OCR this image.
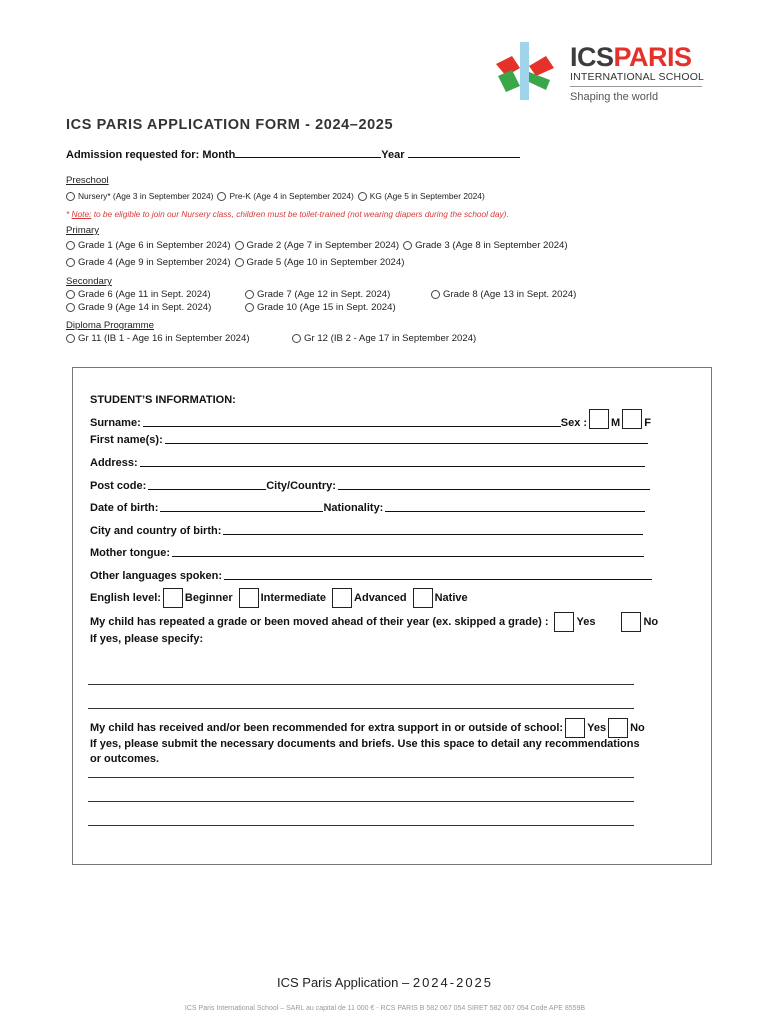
ICSPARIS
INTERNATIONAL SCHOOL
Shaping the world
ICS PARIS APPLICATION FORM - 2024–2025
Admission requested for: Month	Year
Preschool
Nursery* (Age 3 in September 2024) Pre-K (Age 4 in September 2024) KG (Age 5 in September 2024)
* Note: to be eligible to join our Nursery class, children must be toilet-trained (not wearing diapers during the school day).
Primary
Grade 1 (Age 6 in September 2024) Grade 2 (Age 7 in September 2024) Grade 3 (Age 8 in September 2024)
Grade 4 (Age 9 in September 2024) Grade 5 (Age 10 in September 2024)
Secondary
Grade 6 (Age 11 in Sept. 2024)
Grade 9 (Age 14 in Sept. 2024)
Grade 7 (Age 12 in Sept. 2024)
Grade 10 (Age 15 in Sept. 2024)
Grade 8 (Age 13 in Sept. 2024)
Diploma Programme
Gr 11 (IB 1 - Age 16 in September 2024)	Gr 12 (IB 2 - Age 17 in September 2024)
STUDENT’S INFORMATION:
Surname:	Sex : M F
First name(s):
Address:
Post code:	City/Country:
Date of birth:	Nationality:
City and country of birth:
Mother tongue:
Other languages spoken:
English level: Beginner	Intermediate	Advanced	Native
My child has repeated a grade or been moved ahead of their year (ex. skipped a grade) :	Yes	No
If yes, please specify:
My child has received and/or been recommended for extra support in or outside of school: Yes No
If yes, please submit the necessary documents and briefs. Use this space to detail any recommendations
or outcomes.
ICS Paris Application – 2024-2025
ICS Paris International School – SARL au capital de 11 000 € - RCS PARIS B 582 067 054 SIRET 582 067 054 Code APE 8559B
